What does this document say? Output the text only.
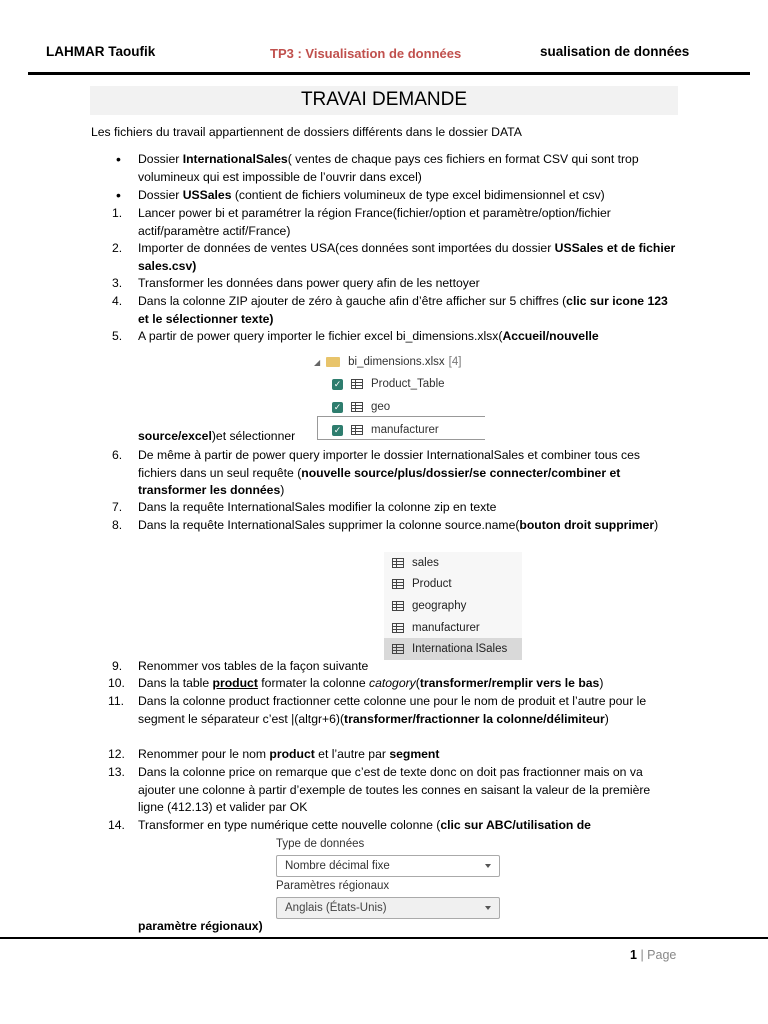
LAHMAR Taoufik	TP3 : Visualisation de données	sualisation de données
TRAVAI DEMANDE
Les fichiers du travail appartiennent de dossiers différents dans le dossier DATA
• Dossier InternationalSales( ventes de chaque pays ces fichiers en format CSV qui sont trop volumineux qui est impossible de l’ouvrir dans excel)
• Dossier USSales (contient de fichiers volumineux de type excel bidimensionnel et csv)
1. Lancer power bi et paramétrer la région France(fichier/option et paramètre/option/fichier actif/paramètre actif/France)
2. Importer de données de ventes USA(ces données sont importées du dossier USSales et de fichier sales.csv)
3. Transformer les données dans power query afin de les nettoyer
4. Dans la colonne ZIP ajouter de zéro à gauche afin d’être afficher sur 5 chiffres (clic sur icone 123 et le sélectionner texte)
5. A partir de power query importer le fichier excel bi_dimensions.xlsx(Accueil/nouvelle
◢ bi_dimensions.xlsx [4]
✓	Product_Table
✓	geo
✓	manufacturer
source/excel)et sélectionner
6. De même à partir de power query importer le dossier InternationalSales et combiner tous ces fichiers dans un seul requête (nouvelle source/plus/dossier/se connecter/combiner et transformer les données)
7. Dans la requête InternationalSales modifier la colonne zip en texte
8. Dans la requête InternationalSales supprimer la colonne source.name(bouton droit supprimer)
sales
Product
geography
manufacturer
Internationa lSales
9. Renommer vos tables de la façon suivante
10. Dans la table product formater la colonne catogory(transformer/remplir vers le bas)
11. Dans la colonne product fractionner cette colonne une pour le nom de produit et l’autre pour le segment le séparateur c’est |(altgr+6)(transformer/fractionner la colonne/délimiteur)
12. Renommer pour le nom product et l’autre par segment
13. Dans la colonne price on remarque que c’est de texte donc on doit pas fractionner mais on va ajouter une colonne à partir d’exemple de toutes les connes en saisant la valeur de la première ligne (412.13) et valider par OK
14. Transformer en type numérique cette nouvelle colonne (clic sur ABC/utilisation de
Type de données
Nombre décimal fixe
Paramètres régionaux
Anglais (États-Unis)
paramètre régionaux)
1 | Page
